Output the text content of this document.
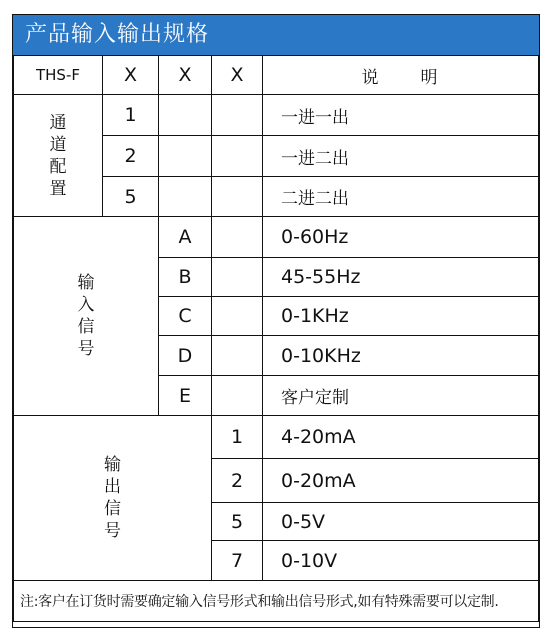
产品输入输出规格
THS-F	X	X	X	说明
通道配置	1			一进一出
	2			一进二出
	5			二进二出
输入信号		A		0-60Hz
		B		45-55Hz
		C		0-1KHz
		D		0-10KHz
		E		客户定制
输出信号			1	4-20mA
			2	0-20mA
			5	0-5V
			7	0-10V
注:客户在订货时需要确定输入信号形式和输出信号形式,如有特殊需要可以定制.				
